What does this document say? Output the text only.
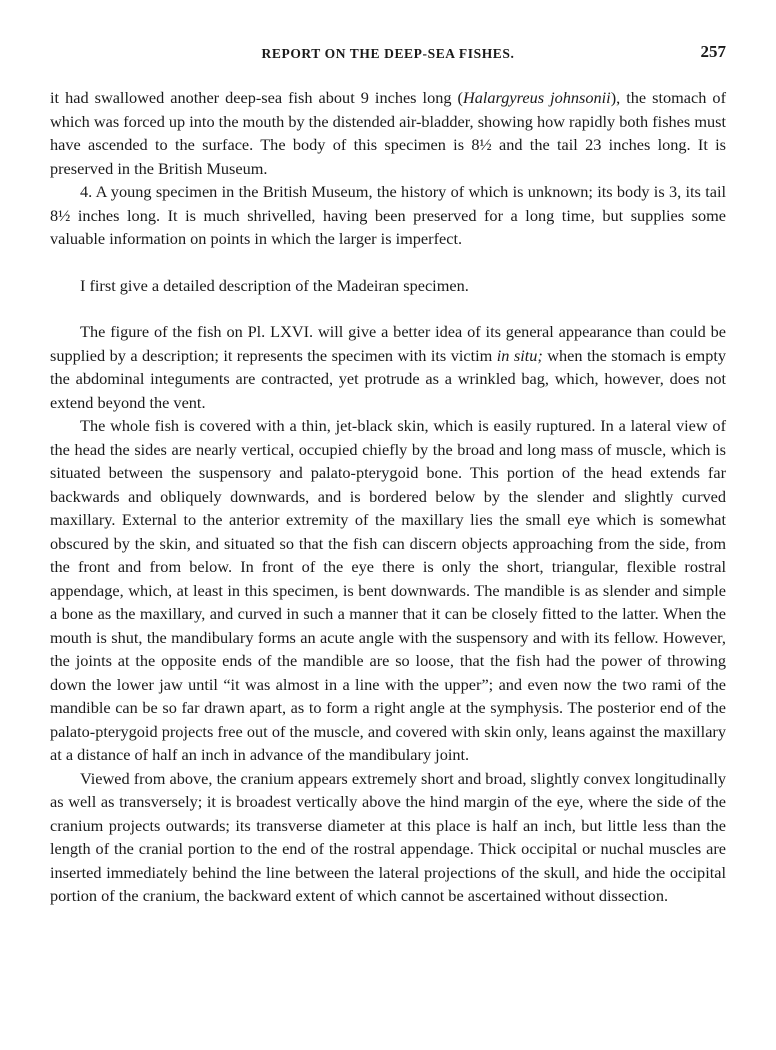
REPORT ON THE DEEP-SEA FISHES.	257

it had swallowed another deep-sea fish about 9 inches long (Halargyreus johnsonii), the stomach of which was forced up into the mouth by the distended air-bladder, showing how rapidly both fishes must have ascended to the surface. The body of this specimen is 8½ and the tail 23 inches long. It is preserved in the British Museum.

4. A young specimen in the British Museum, the history of which is unknown; its body is 3, its tail 8½ inches long. It is much shrivelled, having been preserved for a long time, but supplies some valuable information on points in which the larger is imperfect.

I first give a detailed description of the Madeiran specimen.

The figure of the fish on Pl. LXVI. will give a better idea of its general appearance than could be supplied by a description; it represents the specimen with its victim in situ; when the stomach is empty the abdominal integuments are contracted, yet protrude as a wrinkled bag, which, however, does not extend beyond the vent.

The whole fish is covered with a thin, jet-black skin, which is easily ruptured. In a lateral view of the head the sides are nearly vertical, occupied chiefly by the broad and long mass of muscle, which is situated between the suspensory and palato-pterygoid bone. This portion of the head extends far backwards and obliquely downwards, and is bordered below by the slender and slightly curved maxillary. External to the anterior extremity of the maxillary lies the small eye which is somewhat obscured by the skin, and situated so that the fish can discern objects approaching from the side, from the front and from below. In front of the eye there is only the short, triangular, flexible rostral appendage, which, at least in this specimen, is bent downwards. The mandible is as slender and simple a bone as the maxillary, and curved in such a manner that it can be closely fitted to the latter. When the mouth is shut, the mandibulary forms an acute angle with the suspensory and with its fellow. However, the joints at the opposite ends of the mandible are so loose, that the fish had the power of throwing down the lower jaw until “it was almost in a line with the upper”; and even now the two rami of the mandible can be so far drawn apart, as to form a right angle at the symphysis. The posterior end of the palato-pterygoid projects free out of the muscle, and covered with skin only, leans against the maxillary at a distance of half an inch in advance of the mandibulary joint.

Viewed from above, the cranium appears extremely short and broad, slightly convex longitudinally as well as transversely; it is broadest vertically above the hind margin of the eye, where the side of the cranium projects outwards; its transverse diameter at this place is half an inch, but little less than the length of the cranial portion to the end of the rostral appendage. Thick occipital or nuchal muscles are inserted immediately behind the line between the lateral projections of the skull, and hide the occipital portion of the cranium, the backward extent of which cannot be ascertained without dissection.
